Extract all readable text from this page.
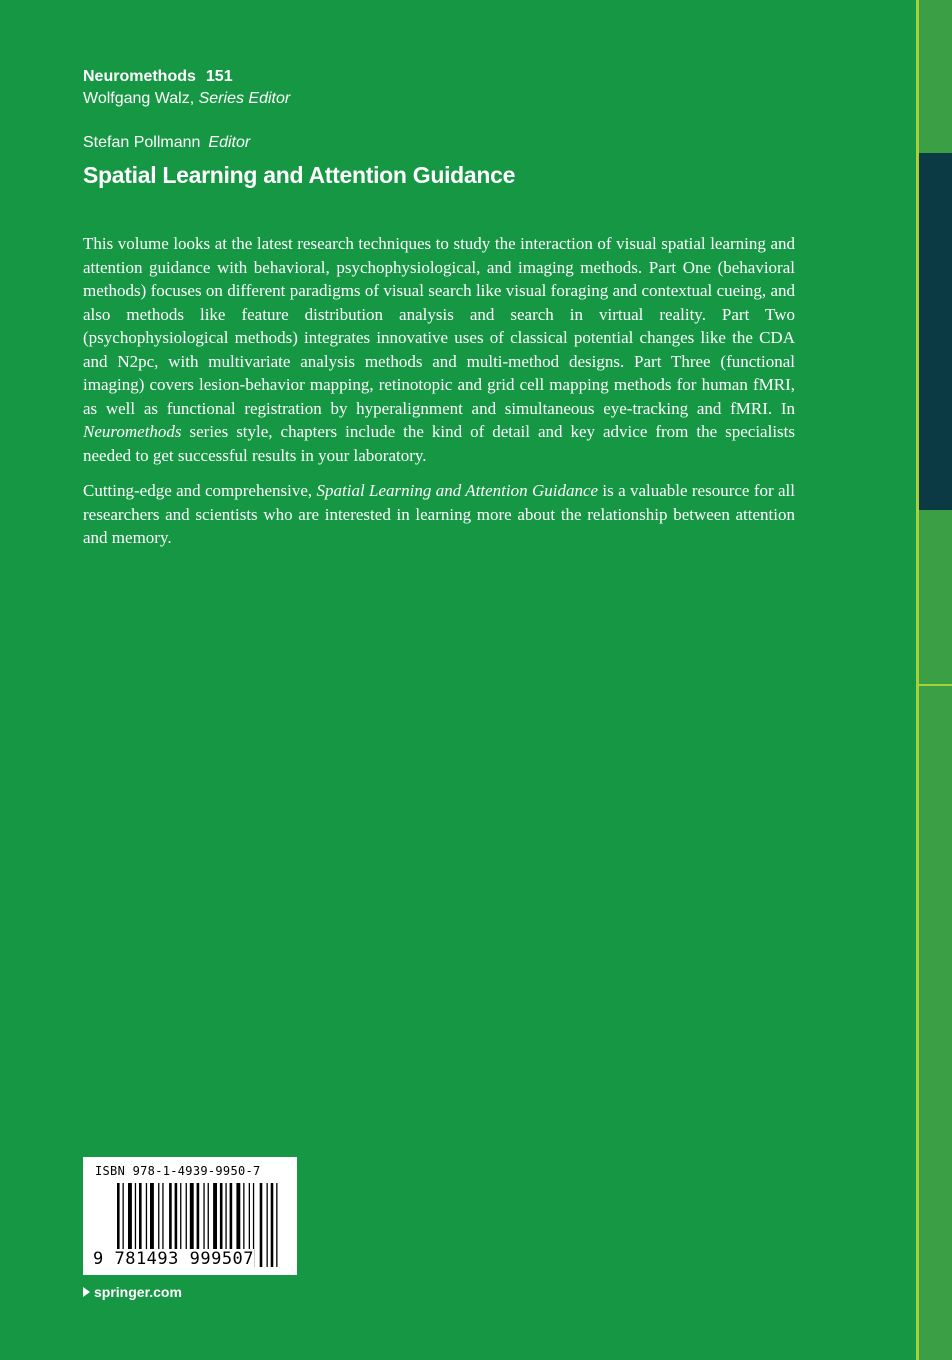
Neuromethods 151
Wolfgang Walz, Series Editor
Stefan Pollmann Editor
Spatial Learning and Attention Guidance

This volume looks at the latest research techniques to study the interaction of visual spatial learning and attention guidance with behavioral, psychophysiological, and imaging methods. Part One (behavioral methods) focuses on different paradigms of visual search like visual foraging and contextual cueing, and also methods like feature distribution analysis and search in virtual reality. Part Two (psychophysiological methods) integrates innovative uses of classical potential changes like the CDA and N2pc, with multivariate analysis methods and multi-method designs. Part Three (functional imaging) covers lesion-behavior mapping, retinotopic and grid cell mapping methods for human fMRI, as well as functional registration by hyperalignment and simultaneous eye-tracking and fMRI. In Neuromethods series style, chapters include the kind of detail and key advice from the specialists needed to get successful results in your laboratory.

Cutting-edge and comprehensive, Spatial Learning and Attention Guidance is a valuable resource for all researchers and scientists who are interested in learning more about the relationship between attention and memory.

ISBN 978-1-4939-9950-7
9 781493 999507
springer.com
